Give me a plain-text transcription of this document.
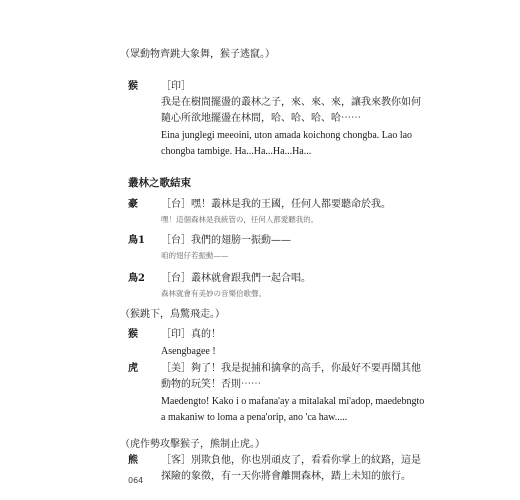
（眾動物齊跳大象舞，猴子逃竄。）
猴 ［印］
我是在樹間擺盪的叢林之子，來、來、來，讓我來教你如何
隨心所欲地擺盪在林間，哈、哈、哈、哈⋯⋯
Eina junglegi meeoini, uton amada koichong chongba. Lao lao
chongba tambige. Ha...Ha...Ha...Ha...
叢林之歌結束
豪 ［台］嘿！叢林是我的王國，任何人都要聽命於我。
嘿！這個森林是我統管の，任何人都愛聽我的。
鳥1 ［台］我們的翅膀一振動——
咱的翅仔若振動——
鳥2 ［台］叢林就會跟我們一起合唱。
森林就會有美妙の音樂佮歌聲。
（猴跳下，鳥驚飛走。）
猴 ［印］真的！
Asengbagee !
虎 ［美］夠了！我是捉捕和擒拿的高手，你最好不要再鬧其他
動物的玩笑！否則⋯⋯
Maedengto! Kako i o mafana'ay a mitalakal mi'adop, maedebngto
a makaniw to loma a pena'orip, ano 'ca haw.....
（虎作勢攻擊猴子，熊制止虎。）
熊 ［客］別欺負他，你也別頑皮了，看看你掌上的紋路，這是
探險的象徵，有一天你將會離開森林，踏上未知的旅行。
064
